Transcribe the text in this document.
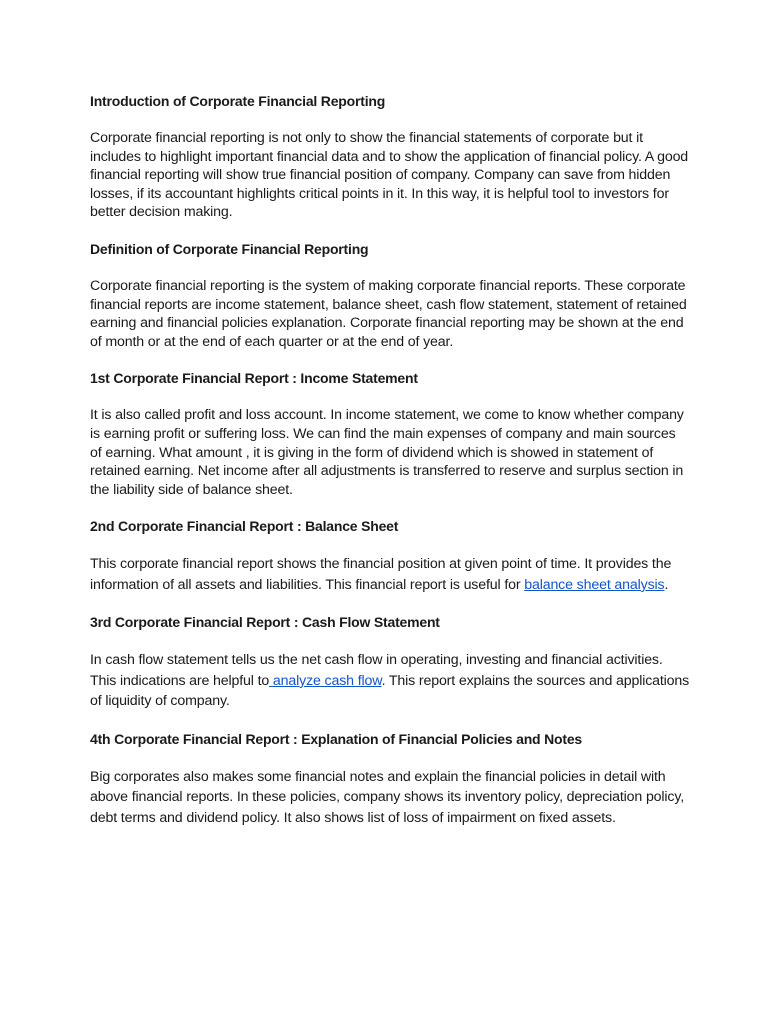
Introduction of Corporate Financial Reporting
Corporate financial reporting is not only to show the financial statements of corporate but it includes to highlight important financial data and to show the application of financial policy. A good financial reporting will show true financial position of company. Company can save from hidden losses, if its accountant highlights critical points in it. In this way, it is helpful tool to investors for better decision making.
Definition of Corporate Financial Reporting
Corporate financial reporting is the system of making corporate financial reports. These corporate financial reports are income statement, balance sheet, cash flow statement, statement of retained earning and financial policies explanation. Corporate financial reporting may be shown at the end of month or at the end of each quarter or at the end of year.
1st Corporate Financial Report : Income Statement
It is also called profit and loss account. In income statement, we come to know whether company is earning profit or suffering loss. We can find the main expenses of company and main sources of earning. What amount , it is giving in the form of dividend which is showed in statement of retained earning. Net income after all adjustments is transferred to reserve and surplus section in the liability side of balance sheet.
2nd Corporate Financial Report : Balance Sheet
This corporate financial report shows the financial position at given point of time. It provides the information of all assets and liabilities. This financial report is useful for balance sheet analysis.
3rd Corporate Financial Report : Cash Flow Statement
In cash flow statement tells us the net cash flow in operating, investing and financial activities. This indications are helpful to analyze cash flow. This report explains the sources and applications of liquidity of company.
4th Corporate Financial Report : Explanation of Financial Policies and Notes
Big corporates also makes some financial notes and explain the financial policies in detail with above financial reports. In these policies, company shows its inventory policy, depreciation policy, debt terms and dividend policy. It also shows list of loss of impairment on fixed assets.
